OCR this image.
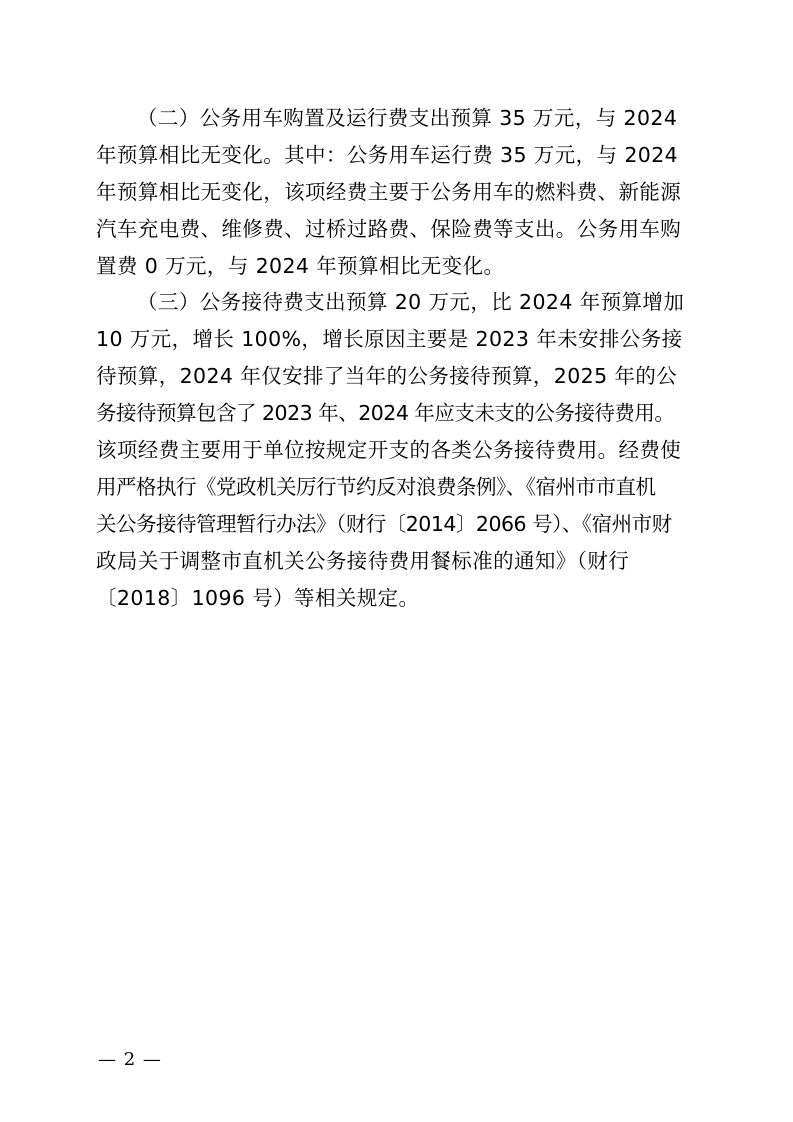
（二）公务用车购置及运行费支出预算 35 万元，与 2024
年预算相比无变化。其中：公务用车运行费 35 万元，与 2024
年预算相比无变化，该项经费主要于公务用车的燃料费、新能源
汽车充电费、维修费、过桥过路费、保险费等支出。公务用车购
置费 0 万元，与 2024 年预算相比无变化。
（三）公务接待费支出预算 20 万元，比 2024 年预算增加
10 万元，增长 100%，增长原因主要是 2023 年未安排公务接
待预算，2024 年仅安排了当年的公务接待预算，2025 年的公
务接待预算包含了 2023 年、2024 年应支未支的公务接待费用。
该项经费主要用于单位按规定开支的各类公务接待费用。经费使
用严格执行《党政机关厉行节约反对浪费条例》、《宿州市市直机
关公务接待管理暂行办法》（财行〔2014〕2066 号）、《宿州市财
政局关于调整市直机关公务接待费用餐标准的通知》（财行
〔2018〕1096 号）等相关规定。
— 2 —
